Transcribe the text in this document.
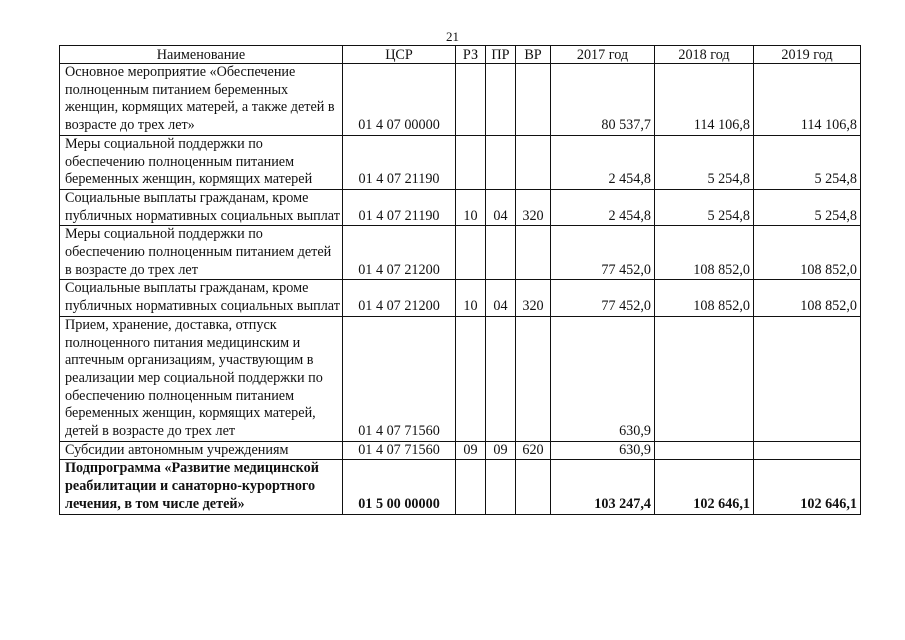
21
Наименование	ЦСР	РЗ	ПР	ВР	2017 год	2018 год	2019 год
Основное мероприятие «Обеспечение полноценным питанием беременных женщин, кормящих матерей, а также детей в возрасте до трех лет»	01 4 07 00000				80 537,7	114 106,8	114 106,8
Меры социальной поддержки по обеспечению полноценным питанием беременных женщин, кормящих матерей	01 4 07 21190				2 454,8	5 254,8	5 254,8
Социальные выплаты гражданам, кроме публичных нормативных социальных выплат	01 4 07 21190	10	04	320	2 454,8	5 254,8	5 254,8
Меры социальной поддержки по обеспечению полноценным питанием детей в возрасте до трех лет	01 4 07 21200				77 452,0	108 852,0	108 852,0
Социальные выплаты гражданам, кроме публичных нормативных социальных выплат	01 4 07 21200	10	04	320	77 452,0	108 852,0	108 852,0
Прием, хранение, доставка, отпуск полноценного питания медицинским и аптечным организациям, участвующим в реализации мер социальной поддержки по обеспечению полноценным питанием беременных женщин, кормящих матерей, детей в возрасте до трех лет	01 4 07 71560				630,9		
Субсидии автономным учреждениям	01 4 07 71560	09	09	620	630,9		
Подпрограмма «Развитие медицинской реабилитации и санаторно-курортного лечения, в том числе детей»	01 5 00 00000				103 247,4	102 646,1	102 646,1
